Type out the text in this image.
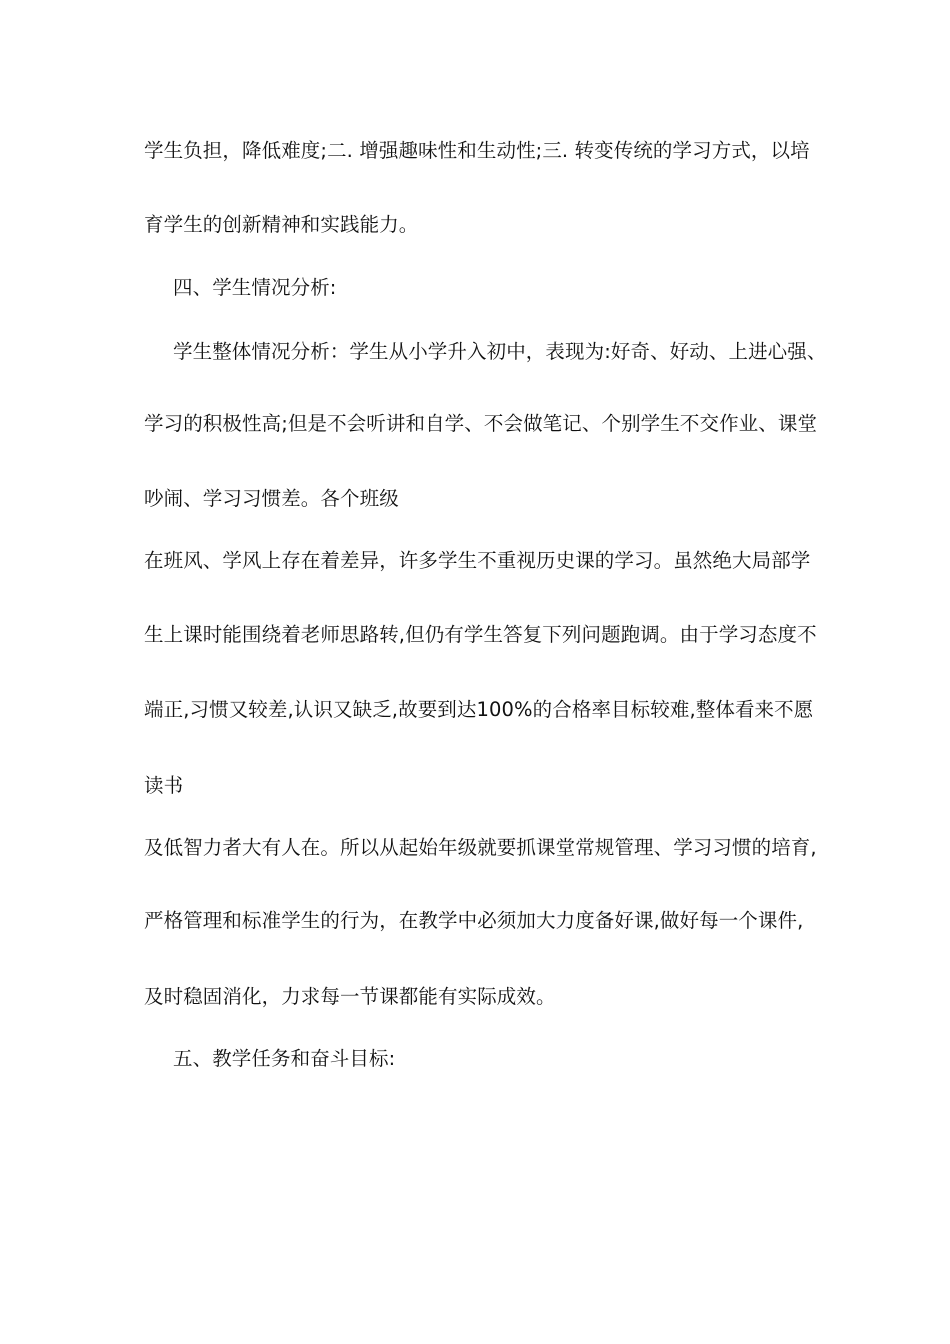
学生负担，降低难度;二. 增强趣味性和生动性;三. 转变传统的学习方式，以培
育学生的创新精神和实践能力。
四、学生情况分析:
学生整体情况分析：学生从小学升入初中，表现为:好奇、好动、上进心强、
学习的积极性高;但是不会听讲和自学、不会做笔记、个别学生不交作业、课堂
吵闹、学习习惯差。各个班级
在班风、学风上存在着差异，许多学生不重视历史课的学习。虽然绝大局部学
生上课时能围绕着老师思路转,但仍有学生答复下列问题跑调。由于学习态度不
端正,习惯又较差,认识又缺乏,故要到达100%的合格率目标较难,整体看来不愿
读书
及低智力者大有人在。所以从起始年级就要抓课堂常规管理、学习习惯的培育,
严格管理和标准学生的行为，在教学中必须加大力度备好课,做好每一个课件,
及时稳固消化，力求每一节课都能有实际成效。
五、教学任务和奋斗目标:
